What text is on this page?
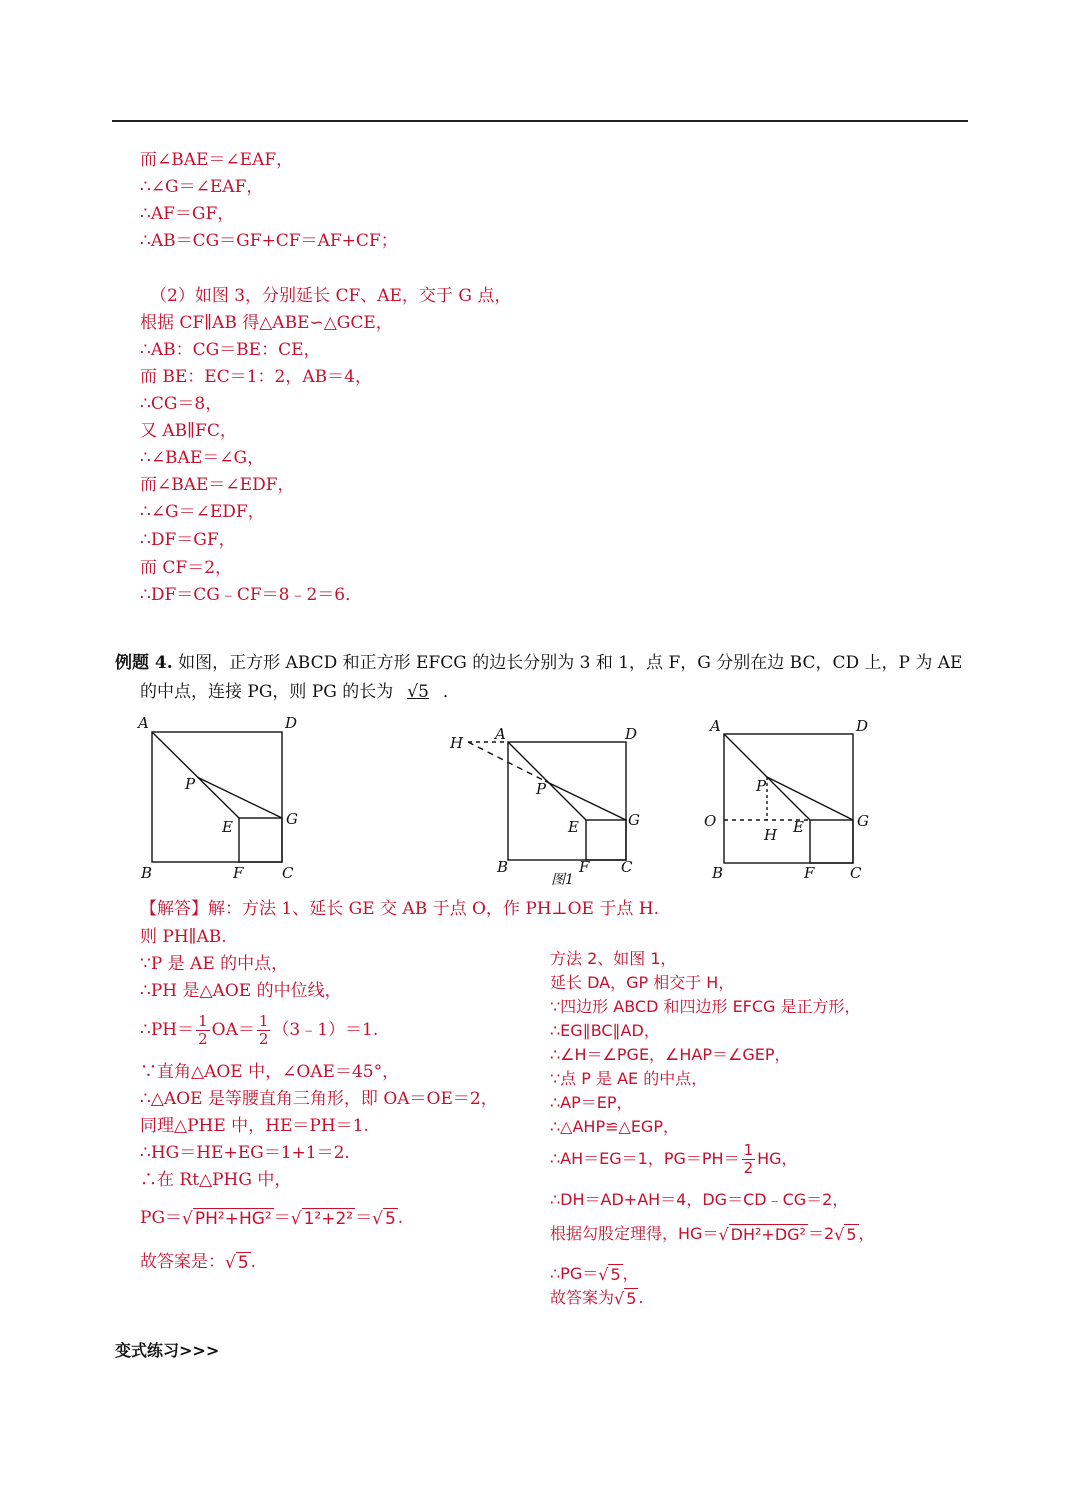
而∠BAE＝∠EAF，
∴∠G＝∠EAF，
∴AF＝GF，
∴AB＝CG＝GF+CF＝AF+CF；
（2）如图 3，分别延长 CF、AE，交于 G 点，
根据 CF∥AB 得△ABE∽△GCE，
∴AB：CG＝BE：CE，
而 BE：EC＝1：2，AB＝4，
∴CG＝8，
又 AB∥FC，
∴∠BAE＝∠G，
而∠BAE＝∠EDF，
∴∠G＝∠EDF，
∴DF＝GF，
而 CF＝2，
∴DF＝CG﹣CF＝8﹣2＝6．
例题 4. 如图，正方形 ABCD 和正方形 EFCG 的边长分别为 3 和 1，点 F，G 分别在边 BC，CD 上，P 为 AE
的中点，连接 PG，则 PG 的长为 √5 ．
A	D
P
E	G
B	F	C
H A	D
P
E	G
B	F C
图1
A	D
P
O
H E	G
B	F C
【解答】解：方法 1、延长 GE 交 AB 于点 O，作 PH⊥OE 于点 H.
则 PH∥AB.
∵P 是 AE 的中点，
∴PH 是△AOE 的中位线，
∴PH＝ $\frac{1}{2} OA= \frac{1}{2}$ （3﹣1）＝1.
∵直角△AOE 中，∠OAE＝45°，
∴△AOE 是等腰直角三角形，即 OA＝OE＝2，
同理△PHE 中，HE＝PH＝1.
∴HG＝HE+EG＝1+1＝2.
∴在 Rt△PHG 中，
PG＝√ PH²+HG² ＝√ 1²+2² ＝√ 5 .
故答案是：√ 5 .
方法 2、如图 1，
延长 DA，GP 相交于 H，
∵四边形 ABCD 和四边形 EFCG 是正方形，
∴EG∥BC∥AD，
∴∠H＝∠PGE，∠HAP＝∠GEP，
∵点 P 是 AE 的中点，
∴AP＝EP，
∴△AHP≌△EGP，
∴AH＝EG＝1，$PG=PH= \frac{1}{2}$ HG，
∴DH＝AD+AH＝4，DG＝CD﹣CG＝2，
根据勾股定理得，HG＝√ DH²+DG² ＝2√ 5 ，
∴PG＝√ 5 ，
故答案为√ 5 .
变式练习>>>
